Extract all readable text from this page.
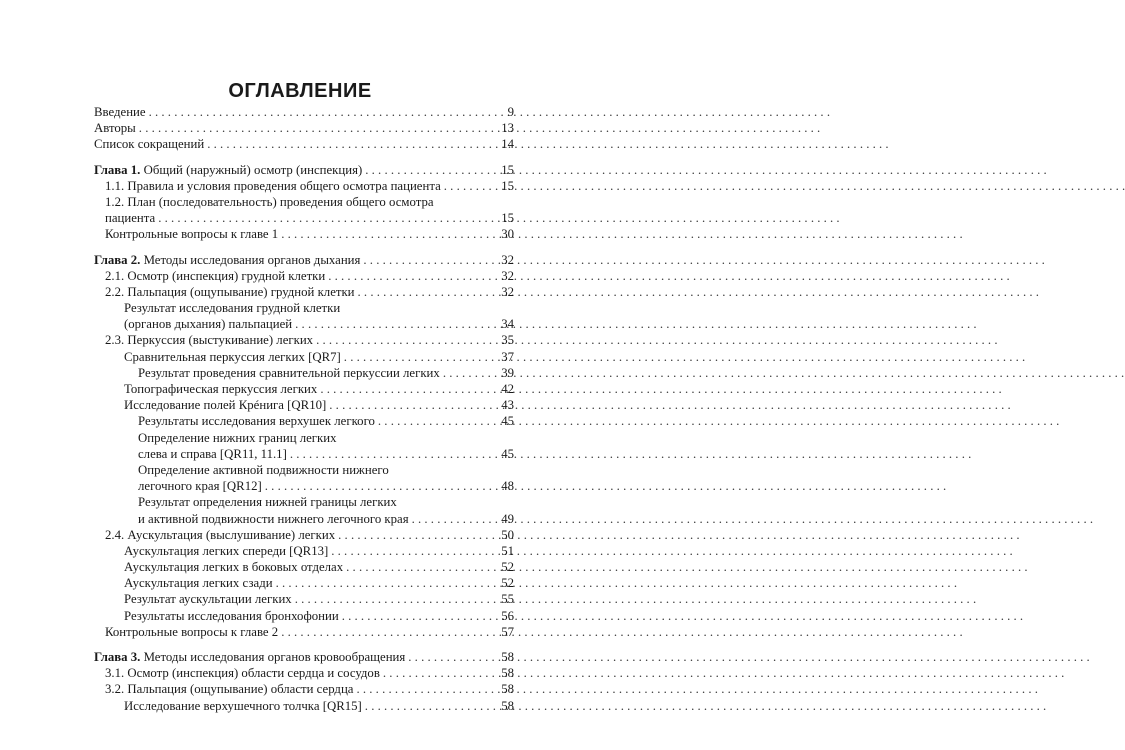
ОГЛАВЛЕНИЕ
Введение . . .	9
Авторы . . .	13
Список сокращений . . .	14
Глава 1. Общий (наружный) осмотр (инспекция) . . .	15
1.1. Правила и условия проведения общего осмотра пациента . . .	15
1.2. План (последовательность) проведения общего осмотра
пациента . . .	15
Контрольные вопросы к главе 1 . . .	30
Глава 2. Методы исследования органов дыхания . . .	32
2.1. Осмотр (инспекция) грудной клетки . . .	32
2.2. Пальпация (ощупывание) грудной клетки . . .	32
Результат исследования грудной клетки
(органов дыхания) пальпацией . . .	34
2.3. Перкуссия (выстукивание) легких . . .	35
Сравнительная перкуссия легких [QR7] . . .	37
Результат проведения сравнительной перкуссии легких . . .	39
Топографическая перкуссия легких . . .	42
Исследование полей Крéнига [QR10] . . .	43
Результаты исследования верхушек легкого . . .	45
Определение нижних границ легких
слева и справа [QR11, 11.1] . . .	45
Определение активной подвижности нижнего
легочного края [QR12] . . .	48
Результат определения нижней границы легких
и активной подвижности нижнего легочного края . . .	49
2.4. Аускультация (выслушивание) легких . . .	50
Аускультация легких спереди [QR13] . . .	51
Аускультация легких в боковых отделах . . .	52
Аускультация легких сзади . . .	52
Результат аускультации легких . . .	55
Результаты исследования бронхофонии . . .	56
Контрольные вопросы к главе 2 . . .	57
Глава 3. Методы исследования органов кровообращения . . .	58
3.1. Осмотр (инспекция) области сердца и сосудов . . .	58
3.2. Пальпация (ощупывание) области сердца . . .	58
Исследование верхушечного толчка [QR15] . . .	58
